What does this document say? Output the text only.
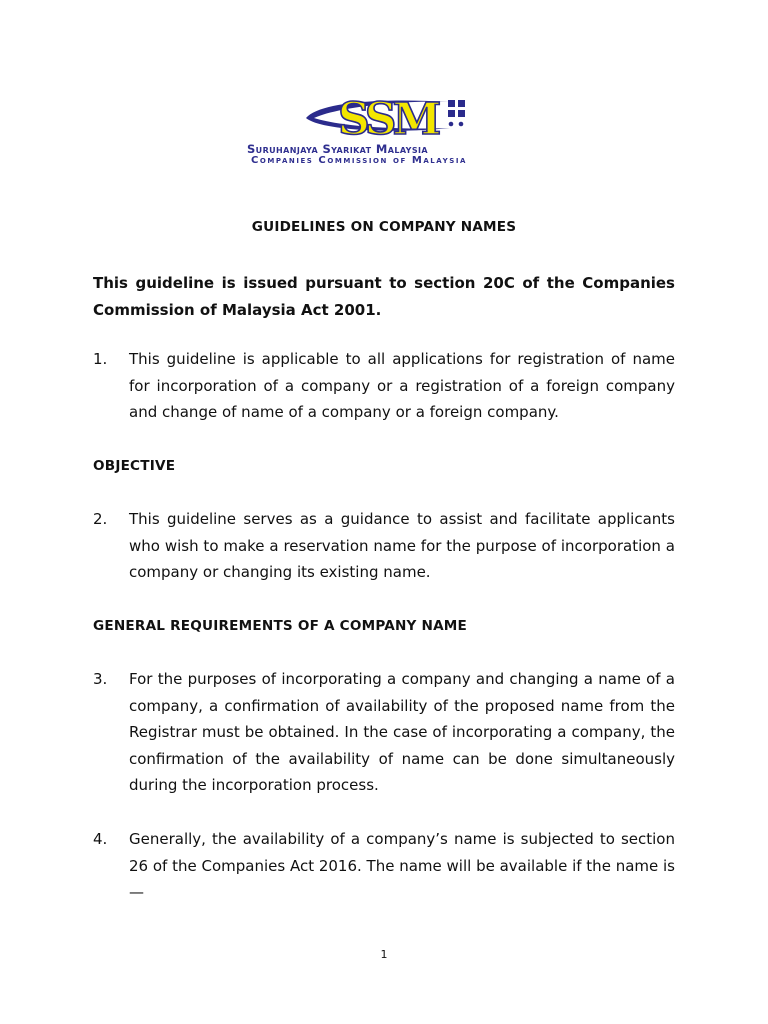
SSM
Suruhanjaya Syarikat Malaysia
Companies Commission of Malaysia
GUIDELINES ON COMPANY NAMES

This guideline is issued pursuant to section 20C of the Companies Commission of Malaysia Act 2001.

1. This guideline is applicable to all applications for registration of name for incorporation of a company or a registration of a foreign company and change of name of a company or a foreign company.
OBJECTIVE
2. This guideline serves as a guidance to assist and facilitate applicants who wish to make a reservation name for the purpose of incorporation a company or changing its existing name.
GENERAL REQUIREMENTS OF A COMPANY NAME
3. For the purposes of incorporating a company and changing a name of a company, a confirmation of availability of the proposed name from the Registrar must be obtained. In the case of incorporating a company, the confirmation of the availability of name can be done simultaneously during the incorporation process.
4. Generally, the availability of a company’s name is subjected to section 26 of the Companies Act 2016. The name will be available if the name is—
1
